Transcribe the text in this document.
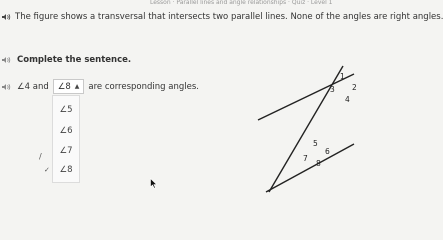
Lesson · Parallel lines and angle relationships · Quiz · Level 1
The figure shows a transversal that intersects two parallel lines. None of the angles are right angles.
Complete the sentence.
∠4 and ∠8 ▲ are corresponding angles.
∠5
∠6
∠7
✓ ∠8
/
1
2
3
4
5
6
7
8
